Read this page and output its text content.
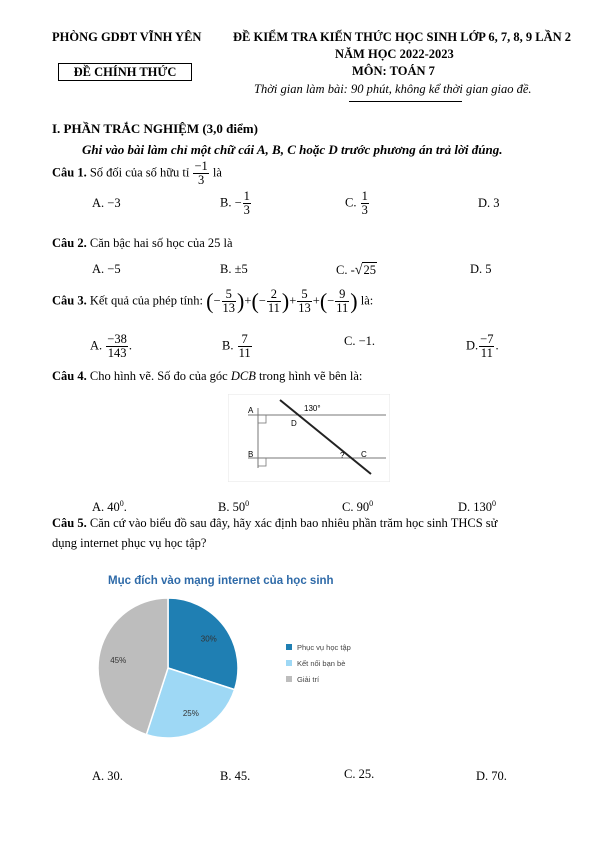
PHÒNG GDĐT VĨNH YÊN
ĐỀ CHÍNH THỨC
ĐỀ KIỂM TRA KIẾN THỨC HỌC SINH LỚP 6, 7, 8, 9 LẦN 2
NĂM HỌC 2022-2023
MÔN: TOÁN 7
Thời gian làm bài: 90 phút, không kể thời gian giao đề.
I. PHẦN TRẮC NGHIỆM (3,0 điểm)
Ghi vào bài làm chỉ một chữ cái A, B, C hoặc D trước phương án trả lời đúng.
Câu 1. Số đối của số hữu tỉ $\frac{-1}{3}$ là
A. −3	B. − $\frac{1}{3}$	C. $\frac{1}{3}$	D. 3
Câu 2. Căn bậc hai số học của 25 là
A. −5	B. ±5	C. -√25	D. 5
Câu 3. Kết quả của phép tính: (− $\frac{5}{13}$ )+(− $\frac{2}{11}$ )+ $\frac{5}{13}$ +(− $\frac{9}{11}$ ) là:
A. $\frac{-38}{143}$ .	B. $\frac{7}{11}$	C. −1.	D. $\frac{-7}{11}$ .
Câu 4. Cho hình vẽ. Số đo của góc DCB trong hình vẽ bên là:
A
B	C
D
130°
?
A. $40^0$.	B. $50^0$	C. $90^0$	D. $130^0$
Câu 5. Căn cứ vào biểu đồ sau đây, hãy xác định bao nhiêu phần trăm học sinh THCS sử
dụng internet phục vụ học tập?
Mục đích vào mạng internet của học sinh
30%
25%
45%
Phục vụ học tập
Kết nối bạn bè
Giải trí
A. 30.	B. 45.	C. 25.	D. 70.
